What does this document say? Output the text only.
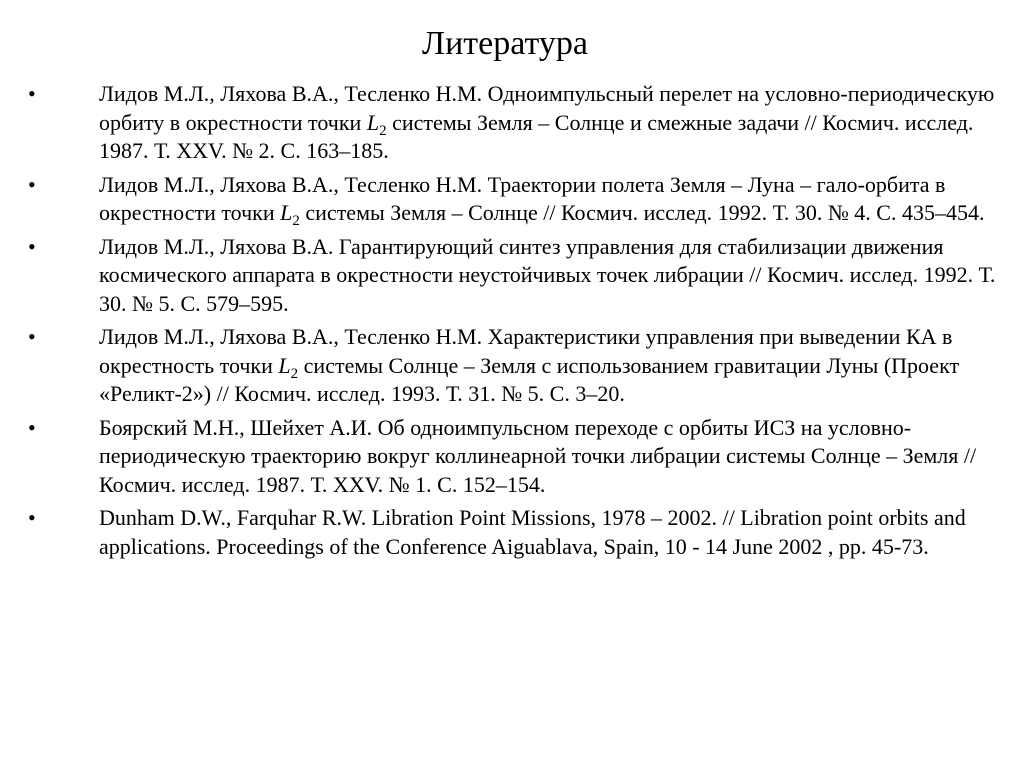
Литература
•	Лидов М.Л., Ляхова В.А., Тесленко Н.М. Одноимпульсный перелет на условно-периодическую орбиту в окрестности точки $L_2$ системы Земля – Солнце и смежные задачи // Космич. исслед. 1987. Т. XXV. № 2. С. 163–185.
•	Лидов М.Л., Ляхова В.А., Тесленко Н.М. Траектории полета Земля – Луна – гало-орбита в окрестности точки $L_2$ системы Земля – Солнце // Космич. исслед. 1992. Т. 30. № 4. С. 435–454.
•	Лидов М.Л., Ляхова В.А. Гарантирующий синтез управления для стабилизации движения космического аппарата в окрестности неустойчивых точек либрации // Космич. исслед. 1992. Т. 30. № 5. С. 579–595.
•	Лидов М.Л., Ляхова В.А., Тесленко Н.М. Характеристики управления при выведении КА в окрестность точки $L_2$ системы Солнце – Земля с использованием гравитации Луны (Проект «Реликт-2») // Космич. исслед. 1993. Т. 31. № 5. С. 3–20.
•	Боярский М.Н., Шейхет А.И. Об одноимпульсном переходе с орбиты ИСЗ на условно-периодическую траекторию вокруг коллинеарной точки либрации системы Солнце – Земля // Космич. исслед. 1987. Т. XXV. № 1. С. 152–154.
•	Dunham D.W., Farquhar R.W. Libration Point Missions, 1978 – 2002. // Libration point orbits and applications. Proceedings of the Conference Aiguablava, Spain, 10 - 14 June 2002 , pp. 45-73.
